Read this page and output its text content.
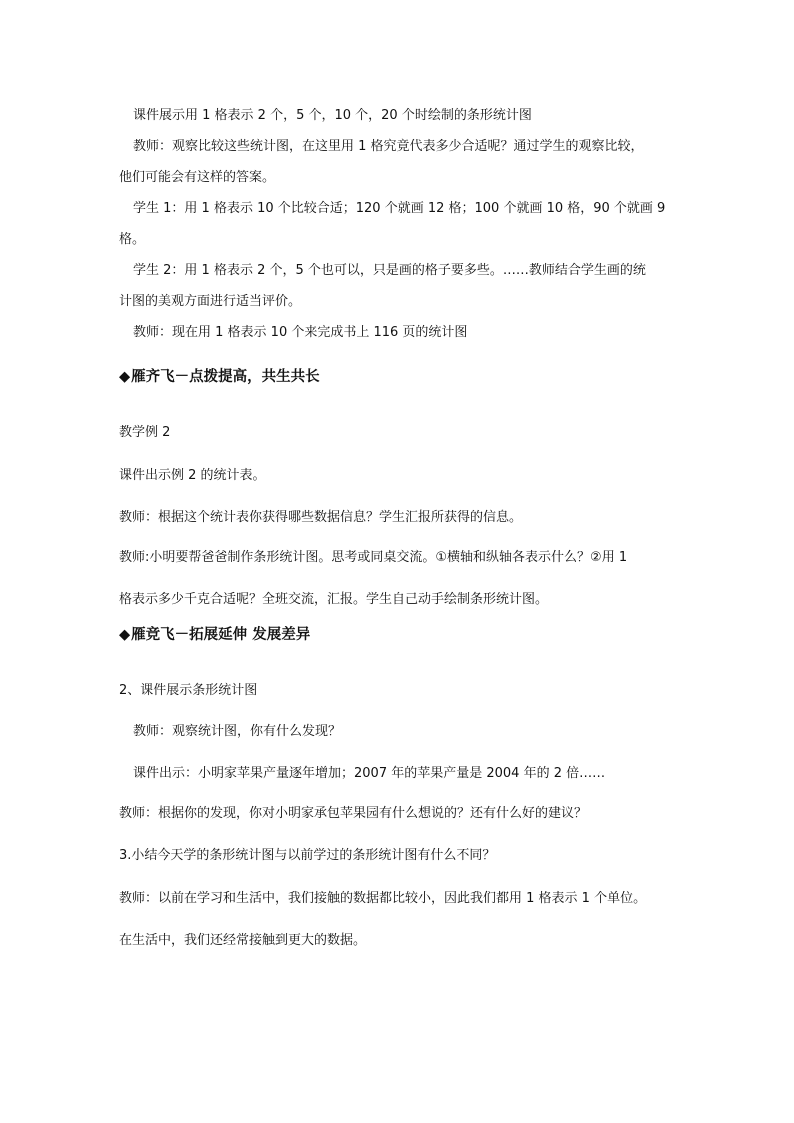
课件展示用 1 格表示 2 个，5 个，10 个，20 个时绘制的条形统计图
教师：观察比较这些统计图，在这里用 1 格究竟代表多少合适呢？通过学生的观察比较，
他们可能会有这样的答案。
学生 1：用 1 格表示 10 个比较合适；120 个就画 12 格；100 个就画 10 格，90 个就画 9
格。
学生 2：用 1 格表示 2 个，5 个也可以，只是画的格子要多些。……教师结合学生画的统
计图的美观方面进行适当评价。
教师：现在用 1 格表示 10 个来完成书上 116 页的统计图
◆雁齐飞－点拨提高，共生共长
教学例 2
课件出示例 2 的统计表。
教师：根据这个统计表你获得哪些数据信息？学生汇报所获得的信息。
教师:小明要帮爸爸制作条形统计图。思考或同桌交流。①横轴和纵轴各表示什么？②用 1
格表示多少千克合适呢？全班交流，汇报。学生自己动手绘制条形统计图。
◆雁竞飞－拓展延伸 发展差异
2、课件展示条形统计图
教师：观察统计图，你有什么发现？
课件出示：小明家苹果产量逐年增加；2007 年的苹果产量是 2004 年的 2 倍……
教师：根据你的发现，你对小明家承包苹果园有什么想说的？还有什么好的建议？
3.小结今天学的条形统计图与以前学过的条形统计图有什么不同？
教师：以前在学习和生活中，我们接触的数据都比较小，因此我们都用 1 格表示 1 个单位。
在生活中，我们还经常接触到更大的数据。
